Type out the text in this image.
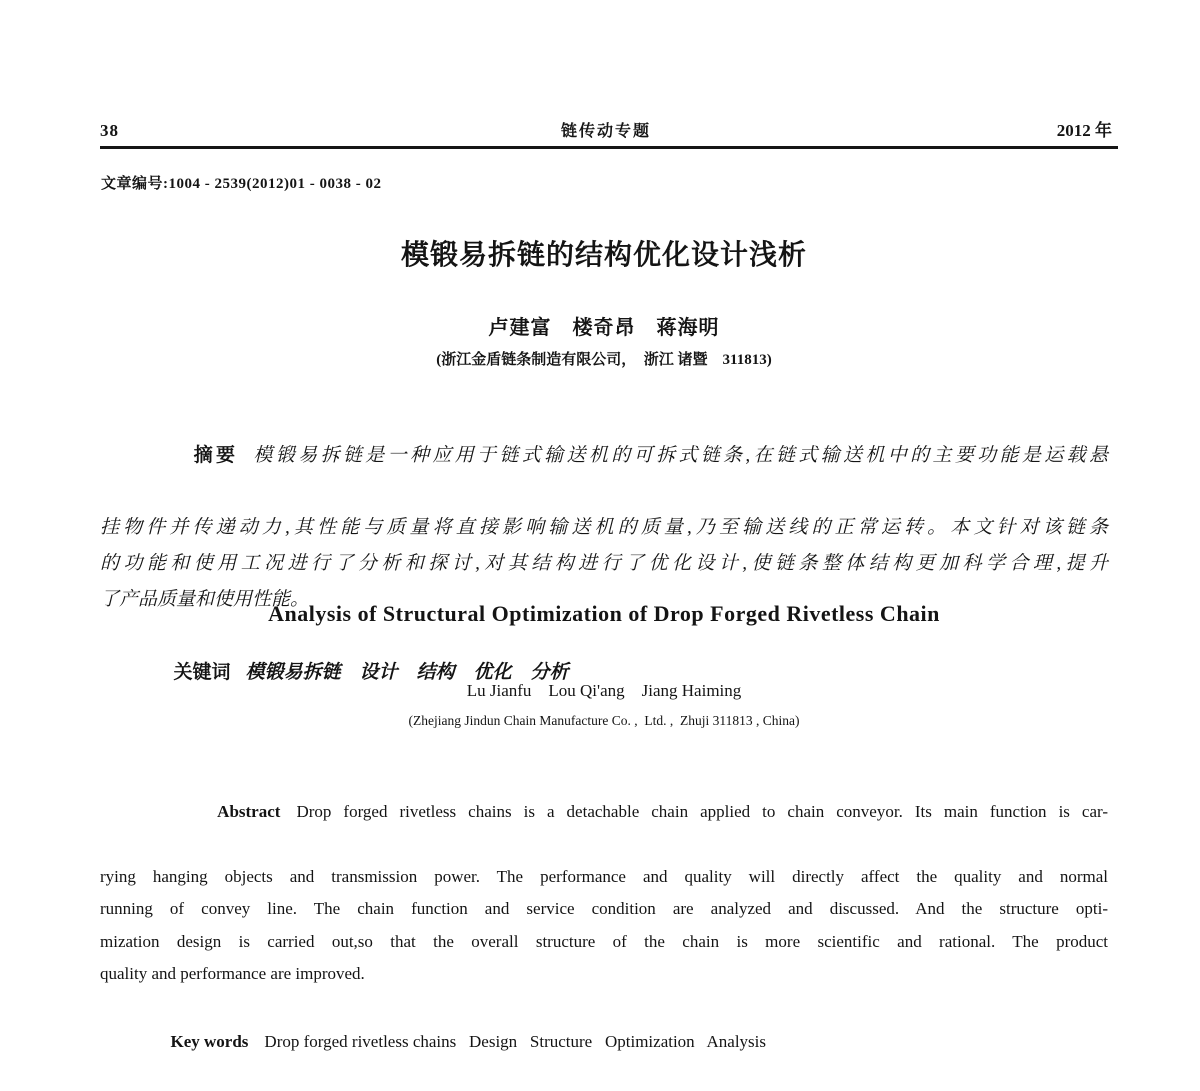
38	链传动专题	2012 年
文章编号:1004 - 2539(2012)01 - 0038 - 02
模锻易拆链的结构优化设计浅析
卢建富　楼奇昂　蒋海明
(浙江金盾链条制造有限公司，　浙江 诸暨　311813)

摘要 模锻易拆链是一种应用于链式输送机的可拆式链条,在链式输送机中的主要功能是运载悬

挂物件并传递动力,其性能与质量将直接影响输送机的质量,乃至输送线的正常运转。本文针对该链条
的功能和使用工况进行了分析和探讨,对其结构进行了优化设计,使链条整体结构更加科学合理,提升
了产品质量和使用性能。

关键词 模锻易拆链　设计　结构　优化　分析

Analysis of Structural Optimization of Drop Forged Rivetless Chain
Lu Jianfu    Lou Qi'ang    Jiang Haiming
(Zhejiang Jindun Chain Manufacture Co. ,  Ltd. ,  Zhuji 311813 , China)

Abstract Drop forged rivetless chains is a detachable chain applied to chain conveyor. Its main function is car-

rying hanging objects and transmission power. The performance and quality will directly affect the quality and normal
running of convey line. The chain function and service condition are analyzed and discussed. And the structure opti-
mization design is carried out,so that the overall structure of the chain is more scientific and rational. The product
quality and performance are improved.

Key words Drop forged rivetless chains   Design   Structure   Optimization   Analysis
